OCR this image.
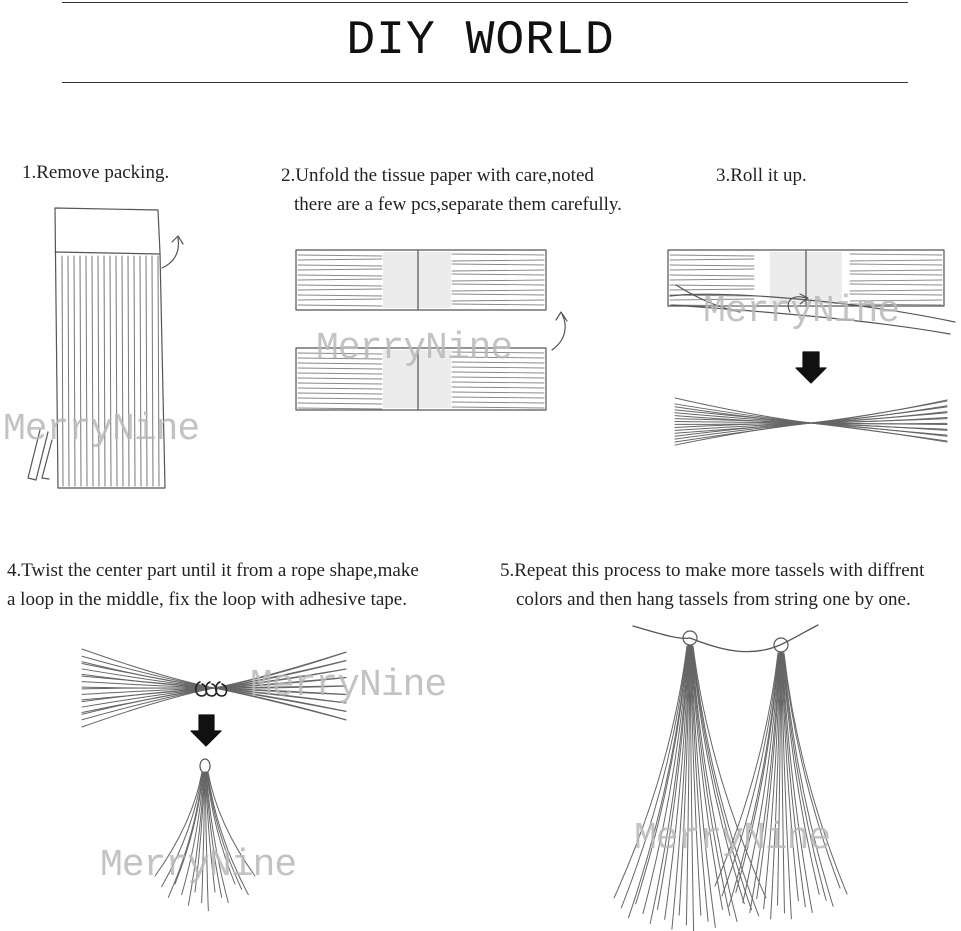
DIY WORLD
1.Remove packing.	2.Unfold the tissue paper with care,noted
there are a few pcs,separate them carefully.
3.Roll it up.
4.Twist the center part until it from a rope shape,make
a loop in the middle, fix the loop with adhesive tape.
5.Repeat this process to make more tassels with diffrent
colors and then hang tassels from string one by one.
MerryNine
MerryNine
MerryNine
MerryNine
MerryNine
MerryNine
